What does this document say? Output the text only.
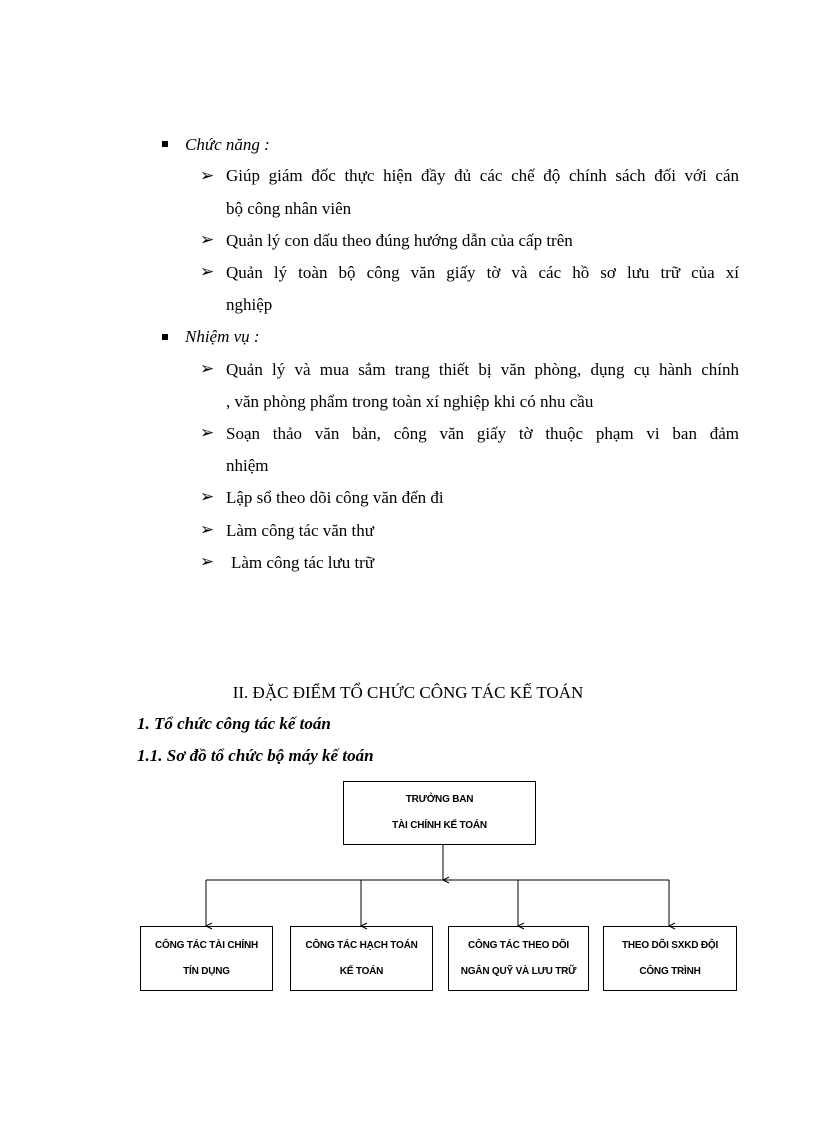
Chức năng :
➢ Giúp giám đốc thực hiện đầy đủ các chế độ chính sách đối với cán
bộ công nhân viên
➢ Quản lý con dấu theo đúng hướng dẫn của cấp trên
➢ Quản lý toàn bộ công văn giấy tờ và các hồ sơ lưu trữ của xí
nghiệp
Nhiệm vụ :
➢ Quản lý và mua sắm trang thiết bị văn phòng, dụng cụ hành chính
, văn phòng phẩm trong toàn xí nghiệp khi có nhu cầu
➢ Soạn thảo văn bản, công văn giấy tờ thuộc phạm vi ban đảm
nhiệm
➢ Lập sổ theo dõi công văn đến đi
➢ Làm công tác văn thư
➢ Làm công tác lưu trữ
II. ĐẶC ĐIỂM TỔ CHỨC CÔNG TÁC KẾ TOÁN
1. Tổ chức công tác kế toán
1.1. Sơ đồ tổ chức bộ máy kế toán
TRƯỞNG BAN
TÀI CHÍNH KẾ TOÁN
CÔNG TÁC TÀI CHÍNH
TÍN DỤNG
CÔNG TÁC HẠCH TOÁN
KẾ TOÁN
CÔNG TÁC THEO DÕI
NGÂN QUỸ VÀ LƯU TRỮ
THEO DÕI SXKD ĐỘI
CÔNG TRÌNH
